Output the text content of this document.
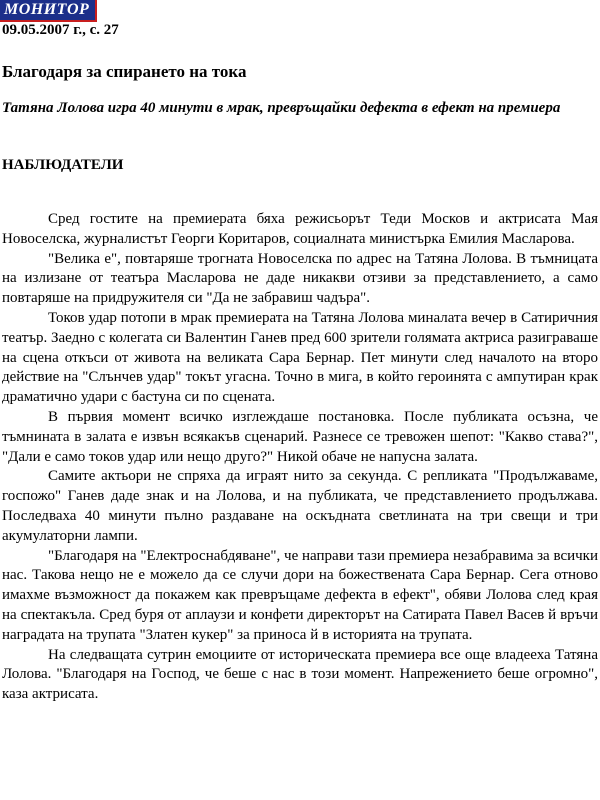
МОНИТОР
09.05.2007 г., с. 27
Благодаря за спирането на тока
Татяна Лолова игра 40 минути в мрак, превръщайки дефекта в ефект на премиера
НАБЛЮДАТЕЛИ

Сред гостите на премиерата бяха режисьорът Теди Москов и актрисата Мая Новоселска, журналистът Георги Коритаров, социалната министърка Емилия Масларова.

"Велика е", повтаряше трогната Новоселска по адрес на Татяна Лолова. В тъмницата на излизане от театъра Масларова не даде никакви отзиви за представлението, а само повтаряше на придружителя си "Да не забравиш чадъра".

Токов удар потопи в мрак премиерата на Татяна Лолова миналата вечер в Сатиричния театър. Заедно с колегата си Валентин Ганев пред 600 зрители голямата актриса разиграваше на сцена откъси от живота на великата Сара Бернар. Пет минути след началото на второ действие на "Слънчев удар" токът угасна. Точно в мига, в който героинята с ампутиран крак драматично удари с бастуна си по сцената.

В първия момент всичко изглеждаше постановка. После публиката осъзна, че тъмнината в залата е извън всякакъв сценарий. Разнесе се тревожен шепот: "Какво става?", "Дали е само токов удар или нещо друго?" Никой обаче не напусна залата.

Самите актьори не спряха да играят нито за секунда. С репликата "Продължаваме, госпожо" Ганев даде знак и на Лолова, и на публиката, че представлението продължава. Последваха 40 минути пълно раздаване на оскъдната светлината на три свещи и три акумулаторни лампи.

"Благодаря на "Електроснабдяване", че направи тази премиера незабравима за всички нас. Такова нещо не е можело да се случи дори на божествената Сара Бернар. Сега отново имахме възможност да покажем как превръщаме дефекта в ефект", обяви Лолова след края на спектакъла. Сред буря от аплаузи и конфети директорът на Сатирата Павел Васев й връчи наградата на трупата "Златен кукер" за приноса й в историята на трупата.

На следващата сутрин емоциите от историческата премиера все още владееха Татяна Лолова. "Благодаря на Господ, че беше с нас в този момент. Напрежението беше огромно", каза актрисата.
